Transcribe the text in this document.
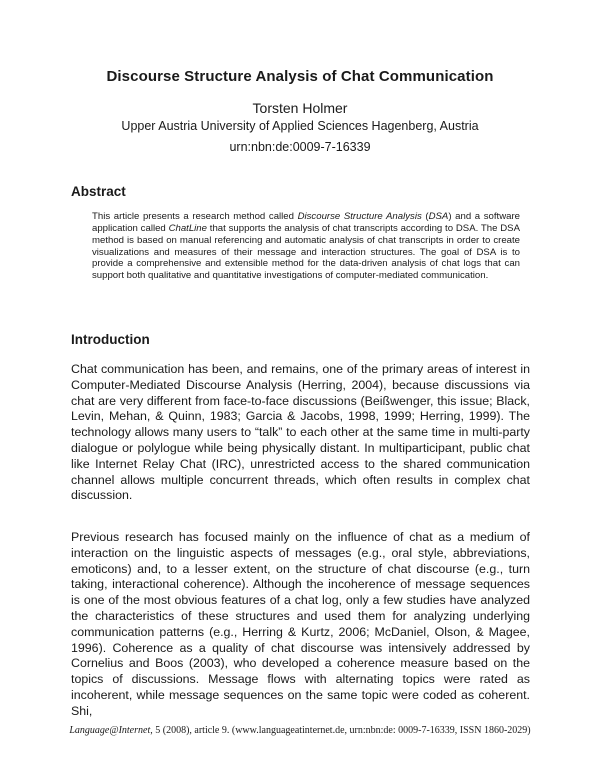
Discourse Structure Analysis of Chat Communication
Torsten Holmer
Upper Austria University of Applied Sciences Hagenberg, Austria
urn:nbn:de:0009-7-16339
Abstract
This article presents a research method called Discourse Structure Analysis (DSA) and a software application called ChatLine that supports the analysis of chat transcripts according to DSA. The DSA method is based on manual referencing and automatic analysis of chat transcripts in order to create visualizations and measures of their message and interaction structures. The goal of DSA is to provide a comprehensive and extensible method for the data-driven analysis of chat logs that can support both qualitative and quantitative investigations of computer-mediated communication.
Introduction

Chat communication has been, and remains, one of the primary areas of interest in Computer-Mediated Discourse Analysis (Herring, 2004), because discussions via chat are very different from face-to-face discussions (Beißwenger, this issue; Black, Levin, Mehan, & Quinn, 1983; Garcia & Jacobs, 1998, 1999; Herring, 1999). The technology allows many users to “talk” to each other at the same time in multi-party dialogue or polylogue while being physically distant. In multiparticipant, public chat like Internet Relay Chat (IRC), unrestricted access to the shared communication channel allows multiple concurrent threads, which often results in complex chat discussion.

Previous research has focused mainly on the influence of chat as a medium of interaction on the linguistic aspects of messages (e.g., oral style, abbreviations, emoticons) and, to a lesser extent, on the structure of chat discourse (e.g., turn taking, interactional coherence). Although the incoherence of message sequences is one of the most obvious features of a chat log, only a few studies have analyzed the characteristics of these structures and used them for analyzing underlying communication patterns (e.g., Herring & Kurtz, 2006; McDaniel, Olson, & Magee, 1996). Coherence as a quality of chat discourse was intensively addressed by Cornelius and Boos (2003), who developed a coherence measure based on the topics of discussions. Message flows with alternating topics were rated as incoherent, while message sequences on the same topic were coded as coherent. Shi,

Language@Internet, 5 (2008), article 9. (www.languageatinternet.de, urn:nbn:de: 0009-7-16339, ISSN 1860-2029)
